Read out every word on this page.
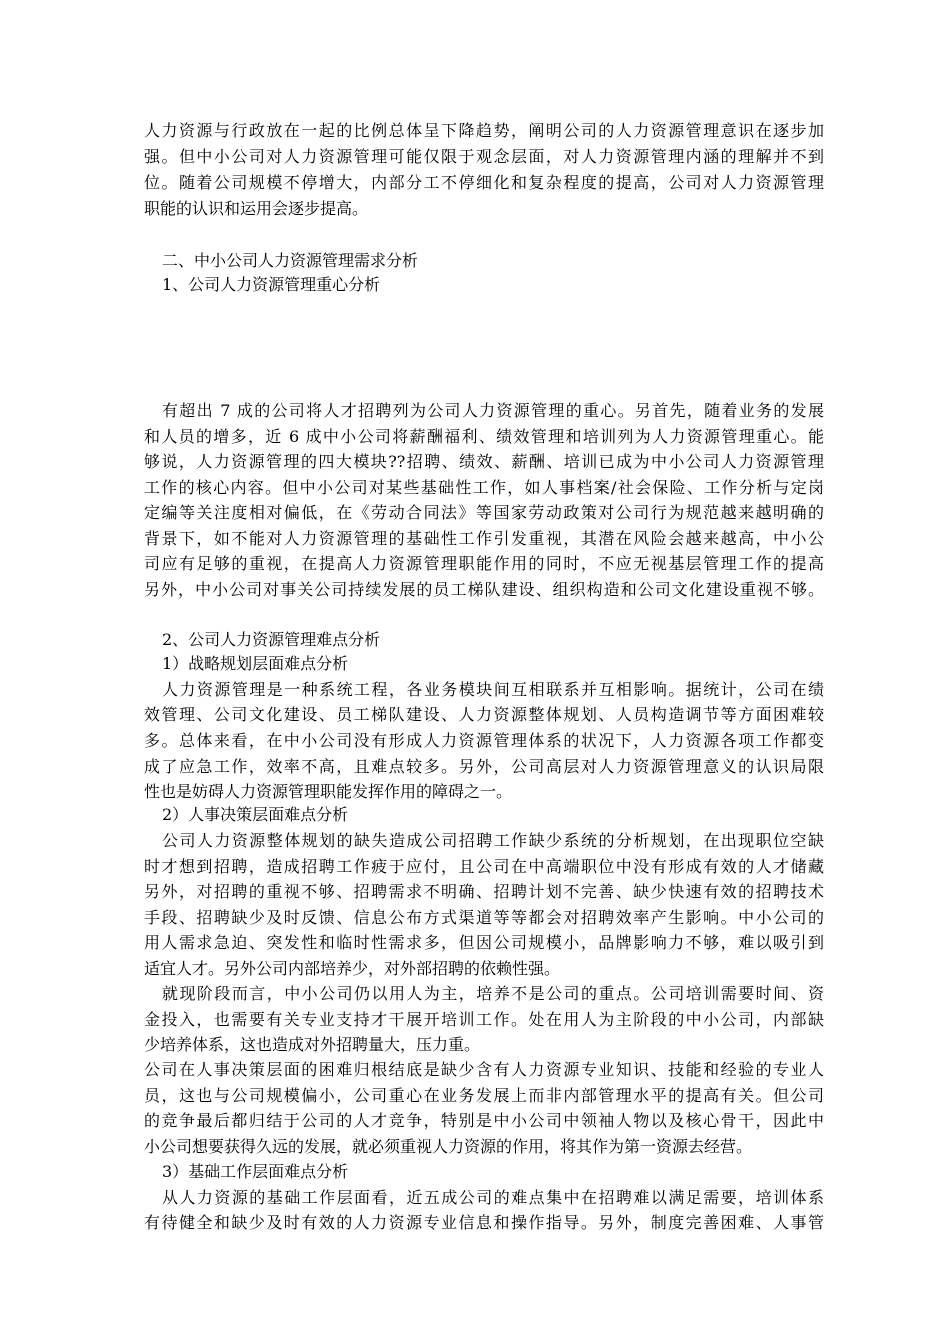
人力资源与行政放在一起的比例总体呈下降趋势，阐明公司的人力资源管理意识在逐步加
强。但中小公司对人力资源管理可能仅限于观念层面，对人力资源管理内涵的理解并不到
位。随着公司规模不停增大，内部分工不停细化和复杂程度的提高，公司对人力资源管理
职能的认识和运用会逐步提高。
二、中小公司人力资源管理需求分析
1、公司人力资源管理重心分析
有超出 7 成的公司将人才招聘列为公司人力资源管理的重心。另首先，随着业务的发展
和人员的增多，近 6 成中小公司将薪酬福利、绩效管理和培训列为人力资源管理重心。能
够说，人力资源管理的四大模块??招聘、绩效、薪酬、培训已成为中小公司人力资源管理
工作的核心内容。但中小公司对某些基础性工作，如人事档案/社会保险、工作分析与定岗
定编等关注度相对偏低，在《劳动合同法》等国家劳动政策对公司行为规范越来越明确的
背景下，如不能对人力资源管理的基础性工作引发重视，其潜在风险会越来越高，中小公
司应有足够的重视，在提高人力资源管理职能作用的同时，不应无视基层管理工作的提高
另外，中小公司对事关公司持续发展的员工梯队建设、组织构造和公司文化建设重视不够。
2、公司人力资源管理难点分析
1）战略规划层面难点分析
人力资源管理是一种系统工程，各业务模块间互相联系并互相影响。据统计，公司在绩
效管理、公司文化建设、员工梯队建设、人力资源整体规划、人员构造调节等方面困难较
多。总体来看，在中小公司没有形成人力资源管理体系的状况下，人力资源各项工作都变
成了应急工作，效率不高，且难点较多。另外，公司高层对人力资源管理意义的认识局限
性也是妨碍人力资源管理职能发挥作用的障碍之一。
2）人事决策层面难点分析
公司人力资源整体规划的缺失造成公司招聘工作缺少系统的分析规划，在出现职位空缺
时才想到招聘，造成招聘工作疲于应付，且公司在中高端职位中没有形成有效的人才储藏
另外，对招聘的重视不够、招聘需求不明确、招聘计划不完善、缺少快速有效的招聘技术
手段、招聘缺少及时反馈、信息公布方式渠道等等都会对招聘效率产生影响。中小公司的
用人需求急迫、突发性和临时性需求多，但因公司规模小，品牌影响力不够，难以吸引到
适宜人才。另外公司内部培养少，对外部招聘的依赖性强。
就现阶段而言，中小公司仍以用人为主，培养不是公司的重点。公司培训需要时间、资
金投入，也需要有关专业支持才干展开培训工作。处在用人为主阶段的中小公司，内部缺
少培养体系，这也造成对外招聘量大，压力重。
公司在人事决策层面的困难归根结底是缺少含有人力资源专业知识、技能和经验的专业人
员，这也与公司规模偏小，公司重心在业务发展上而非内部管理水平的提高有关。但公司
的竞争最后都归结于公司的人才竞争，特别是中小公司中领袖人物以及核心骨干，因此中
小公司想要获得久远的发展，就必须重视人力资源的作用，将其作为第一资源去经营。
3）基础工作层面难点分析
从人力资源的基础工作层面看，近五成公司的难点集中在招聘难以满足需要，培训体系
有待健全和缺少及时有效的人力资源专业信息和操作指导。另外，制度完善困难、人事管
